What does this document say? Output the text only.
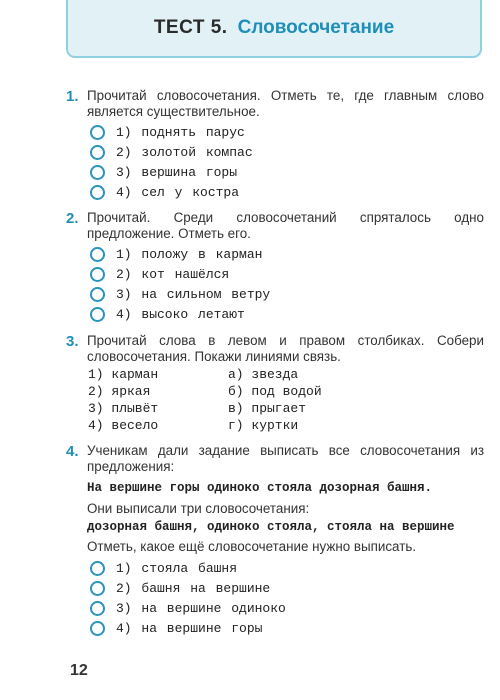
ТЕСТ 5. Словосочетание
1. Прочитай словосочетания. Отметь те, где главным слово является существительное.
1) поднять парус
2) золотой компас
3) вершина горы
4) сел у костра
2. Прочитай. Среди словосочетаний спряталось одно предложение. Отметь его.
1) положу в карман
2) кот нашёлся
3) на сильном ветру
4) высоко летают
3. Прочитай слова в левом и правом столбиках. Собери словосочетания. Покажи линиями связь.
1) карман	а) звезда
2) яркая	б) под водой
3) плывёт	в) прыгает
4) весело	г) куртки
4. Ученикам дали задание выписать все словосочетания из предложения:
На вершине горы одиноко стояла дозорная башня.
Они выписали три словосочетания:
дозорная башня, одиноко стояла, стояла на вершине
Отметь, какое ещё словосочетание нужно выписать.
1) стояла башня
2) башня на вершине
3) на вершине одиноко
4) на вершине горы
12
